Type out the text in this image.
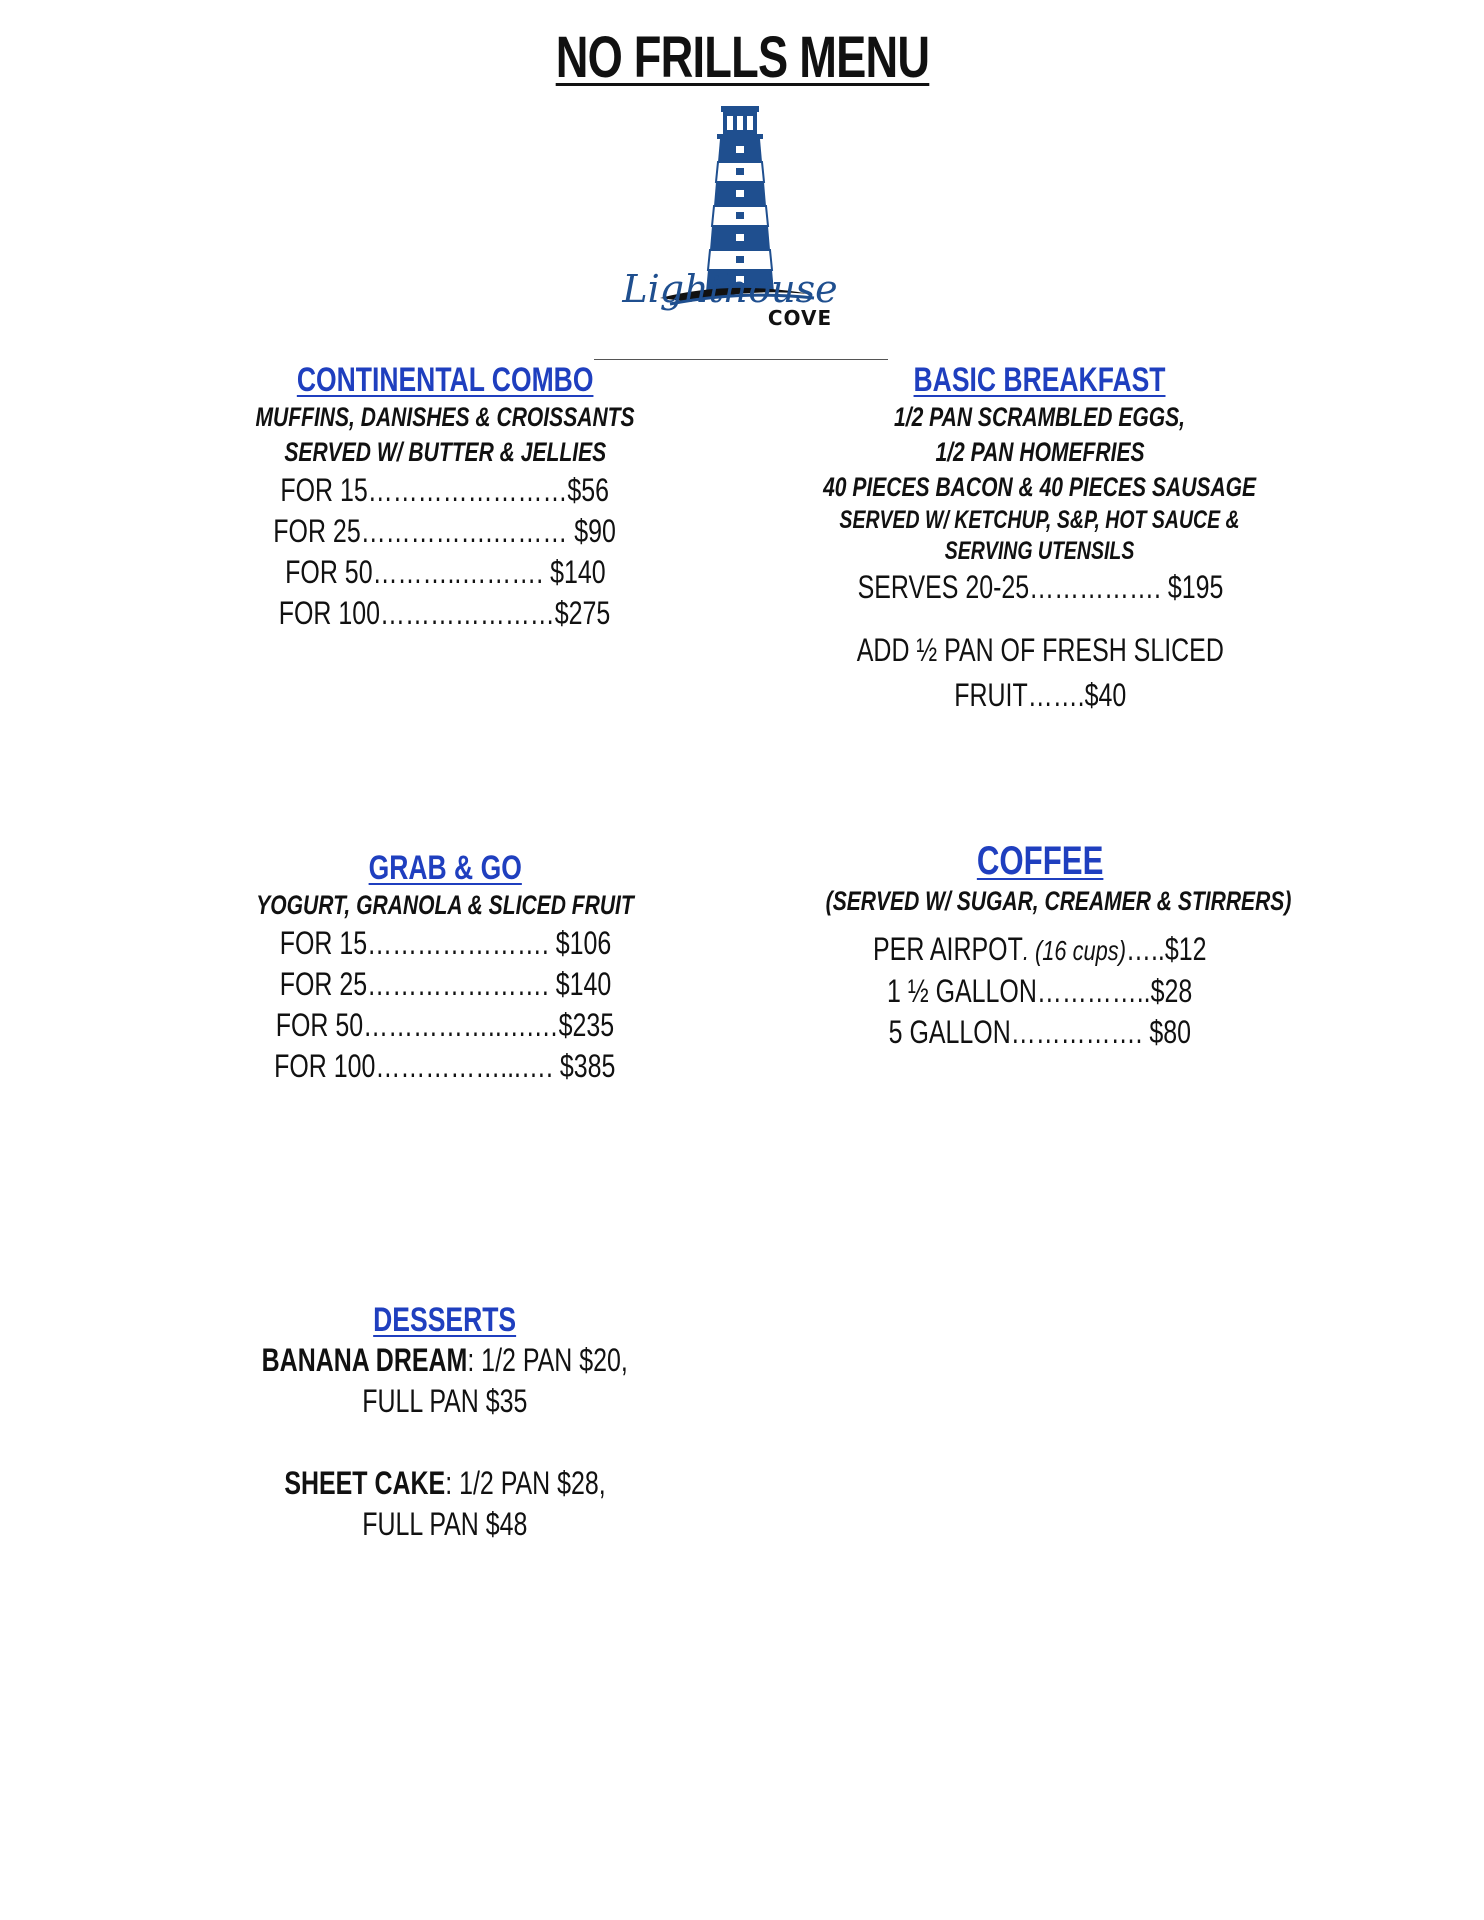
NO FRILLS MENU
Lighthouse
COVE
CONTINENTAL COMBO
MUFFINS, DANISHES & CROISSANTS
SERVED W/ BUTTER & JELLIES
FOR 15……………………$56
FOR 25…………….……… $90
FOR 50………..………. $140
FOR 100…………………$275
BASIC BREAKFAST
1/2 PAN SCRAMBLED EGGS,
1/2 PAN HOMEFRIES
40 PIECES BACON & 40 PIECES SAUSAGE
SERVED W/ KETCHUP, S&P, HOT SAUCE &
SERVING UTENSILS
SERVES 20-25……………. $195
ADD ½ PAN OF FRESH SLICED
FRUIT…….$40
GRAB & GO
YOGURT, GRANOLA & SLICED FRUIT
FOR 15…………………. $106
FOR 25…………………. $140
FOR 50……………..….…$235
FOR 100……………...…. $385
COFFEE
(SERVED W/ SUGAR, CREAMER & STIRRERS)
PER AIRPOT. (16 cups)…..$12
1 ½ GALLON…………..$28
5 GALLON……………. $80
DESSERTS
BANANA DREAM: 1/2 PAN $20,
FULL PAN $35
SHEET CAKE: 1/2 PAN $28,
FULL PAN $48
